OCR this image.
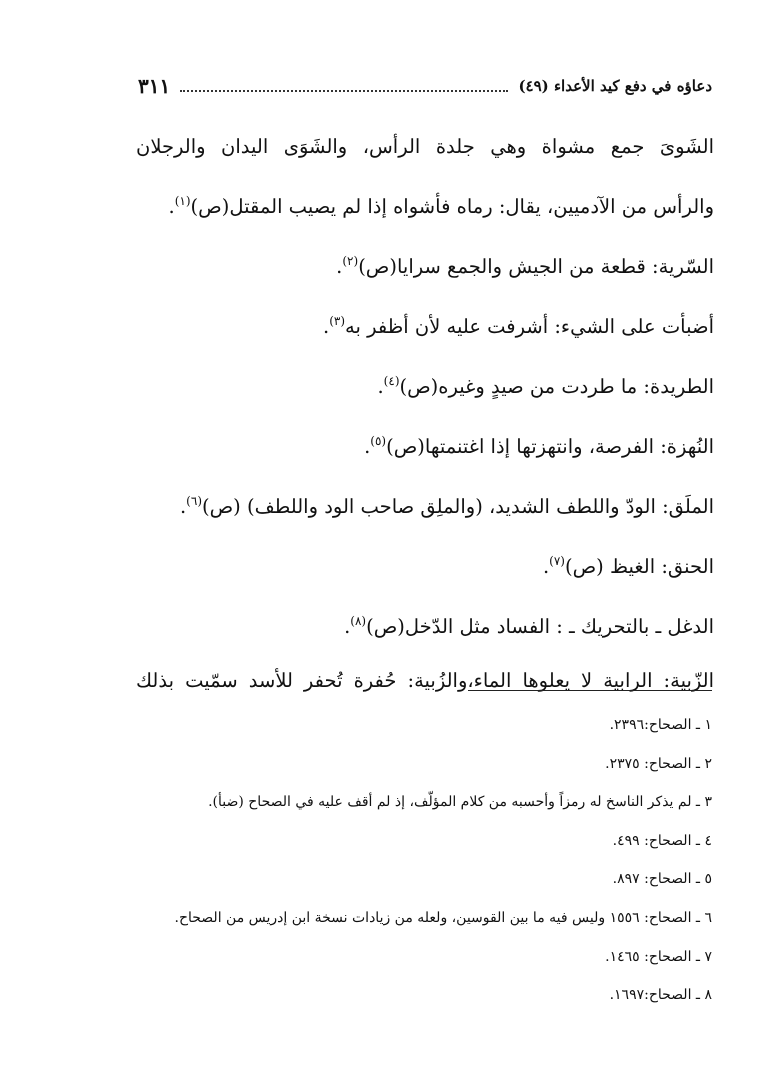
دعاؤه في دفع كيد الأعداء (٤٩)
٣١١

الشَوىَ جمع مشواة وهي جلدة الرأس، والشَوَى اليدان والرجلان

والرأس من الآدميين، يقال: رماه فأشواه إذا لم يصيب المقتل(ص)$^{(١)}$.

السّرية: قطعة من الجيش والجمع سرايا(ص)$^{(٢)}$.

أضبأت على الشيء: أشرفت عليه لأن أظفر به$^{(٣)}$.

الطريدة: ما طردت من صيدٍ وغيره(ص)$^{(٤)}$.

النُهزة: الفرصة، وانتهزتها إذا اغتنمتها(ص)$^{(٥)}$.

الملَق: الودّ واللطف الشديد، (والملِق صاحب الود واللطف) (ص)$^{(٦)}$.

الحنق: الغيظ (ص)$^{(٧)}$.

الدغل ـ بالتحريك ـ : الفساد مثل الدّخل(ص)$^{(٨)}$.

الزّبية: الرابية لا يعلوها الماء،والزُبية: حُفرة تُحفر للأسد سمّيت بذلك

١ ـ الصحاح:٢٣٩٦.

٢ ـ الصحاح: ٢٣٧٥.

٣ ـ لم يذكر الناسخ له رمزاً وأحسبه من كلام المؤلّف، إذ لم أقف عليه في الصحاح (ضبأ).

٤ ـ الصحاح: ٤٩٩.

٥ ـ الصحاح: ٨٩٧.

٦ ـ الصحاح: ١٥٥٦ وليس فيه ما بين القوسين، ولعله من زيادات نسخة ابن إدريس من الصحاح.

٧ ـ الصحاح: ١٤٦٥.

٨ ـ الصحاح:١٦٩٧.
